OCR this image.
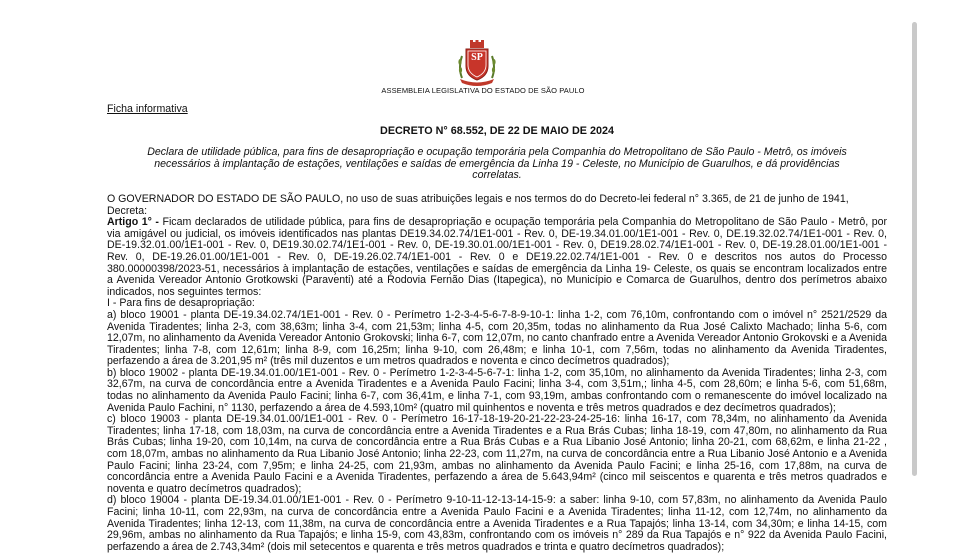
SP
ASSEMBLEIA LEGISLATIVA DO ESTADO DE SÃO PAULO

Ficha informativa

DECRETO N° 68.552, DE 22 DE MAIO DE 2024

Declara de utilidade pública, para fins de desapropriação e ocupação temporária pela Companhia do Metropolitano de São Paulo - Metrô, os imóveis necessários à implantação de estações, ventilações e saídas de emergência da Linha 19 - Celeste, no Município de Guarulhos, e dá providências correlatas.

O GOVERNADOR DO ESTADO DE SÃO PAULO, no uso de suas atribuições legais e nos termos do do Decreto-lei federal n° 3.365, de 21 de junho de 1941,

Decreta:

Artigo 1° - Ficam declarados de utilidade pública, para fins de desapropriação e ocupação temporária pela Companhia do Metropolitano de São Paulo - Metrô, por via amigável ou judicial, os imóveis identificados nas plantas DE19.34.02.74/1E1-001 - Rev. 0, DE-19.34.01.00/1E1-001 - Rev. 0, DE.19.32.02.74/1E1-001 - Rev. 0, DE-19.32.01.00/1E1-001 - Rev. 0, DE19.30.02.74/1E1-001 - Rev. 0, DE-19.30.01.00/1E1-001 - Rev. 0, DE19.28.02.74/1E1-001 - Rev. 0, DE-19.28.01.00/1E1-001 - Rev. 0, DE-19.26.01.00/1E1-001 - Rev. 0, DE-19.26.02.74/1E1-001 - Rev. 0 e DE19.22.02.74/1E1-001 - Rev. 0 e descritos nos autos do Processo 380.00000398/2023-51, necessários à implantação de estações, ventilações e saídas de emergência da Linha 19- Celeste, os quais se encontram localizados entre a Avenida Vereador Antonio Grotkowski (Paraventi) até a Rodovia Fernão Dias (Itapegica), no Município e Comarca de Guarulhos, dentro dos perímetros abaixo indicados, nos seguintes termos:

I - Para fins de desapropriação:

a) bloco 19001 - planta DE-19.34.02.74/1E1-001 - Rev. 0 - Perímetro 1-2-3-4-5-6-7-8-9-10-1: linha 1-2, com 76,10m, confrontando com o imóvel n° 2521/2529 da Avenida Tiradentes; linha 2-3, com 38,63m; linha 3-4, com 21,53m; linha 4-5, com 20,35m, todas no alinhamento da Rua José Calixto Machado; linha 5-6, com 12,07m, no alinhamento da Avenida Vereador Antonio Grokovski; linha 6-7, com 12,07m, no canto chanfrado entre a Avenida Vereador Antonio Grokovski e a Avenida Tiradentes; linha 7-8, com 12,61m; linha 8-9, com 16,25m; linha 9-10, com 26,48m; e linha 10-1, com 7,56m, todas no alinhamento da Avenida Tiradentes, perfazendo a área de 3.201,95 m² (três mil duzentos e um metros quadrados e noventa e cinco decímetros quadrados);

b) bloco 19002 - planta DE-19.34.01.00/1E1-001 - Rev. 0 - Perímetro 1-2-3-4-5-6-7-1: linha 1-2, com 35,10m, no alinhamento da Avenida Tiradentes; linha 2-3, com 32,67m, na curva de concordância entre a Avenida Tiradentes e a Avenida Paulo Facini; linha 3-4, com 3,51m,; linha 4-5, com 28,60m; e linha 5-6, com 51,68m, todas no alinhamento da Avenida Paulo Facini; linha 6-7, com 36,41m, e linha 7-1, com 93,19m, ambas confrontando com o remanescente do imóvel localizado na Avenida Paulo Fachini, n° 1130, perfazendo a área de 4.593,10m² (quatro mil quinhentos e noventa e três metros quadrados e dez decímetros quadrados);

c) bloco 19003 - planta DE-19.34.01.00/1E1-001 - Rev. 0 - Perímetro 16-17-18-19-20-21-22-23-24-25-16: linha 16-17, com 78,34m, no alinhamento da Avenida Tiradentes; linha 17-18, com 18,03m, na curva de concordância entre a Avenida Tiradentes e a Rua Brás Cubas; linha 18-19, com 47,80m, no alinhamento da Rua Brás Cubas; linha 19-20, com 10,14m, na curva de concordância entre a Rua Brás Cubas e a Rua Libanio José Antonio; linha 20-21, com 68,62m, e linha 21-22 , com 18,07m, ambas no alinhamento da Rua Libanio José Antonio; linha 22-23, com 11,27m, na curva de concordância entre a Rua Libanio José Antonio e a Avenida Paulo Facini; linha 23-24, com 7,95m; e linha 24-25, com 21,93m, ambas no alinhamento da Avenida Paulo Facini; e linha 25-16, com 17,88m, na curva de concordância entre a Avenida Paulo Facini e a Avenida Tiradentes, perfazendo a área de 5.643,94m² (cinco mil seiscentos e quarenta e três metros quadrados e noventa e quatro decímetros quadrados);

d) bloco 19004 - planta DE-19.34.01.00/1E1-001 - Rev. 0 - Perímetro 9-10-11-12-13-14-15-9: a saber: linha 9-10, com 57,83m, no alinhamento da Avenida Paulo Facini; linha 10-11, com 22,93m, na curva de concordância entre a Avenida Paulo Facini e a Avenida Tiradentes; linha 11-12, com 12,74m, no alinhamento da Avenida Tiradentes; linha 12-13, com 11,38m, na curva de concordância entre a Avenida Tiradentes e a Rua Tapajós; linha 13-14, com 34,30m; e linha 14-15, com 29,96m, ambas no alinhamento da Rua Tapajós; e linha 15-9, com 43,83m, confrontando com os imóveis n° 289 da Rua Tapajós e n° 922 da Avenida Paulo Facini, perfazendo a área de 2.743,34m² (dois mil setecentos e quarenta e três metros quadrados e trinta e quatro decímetros quadrados);
